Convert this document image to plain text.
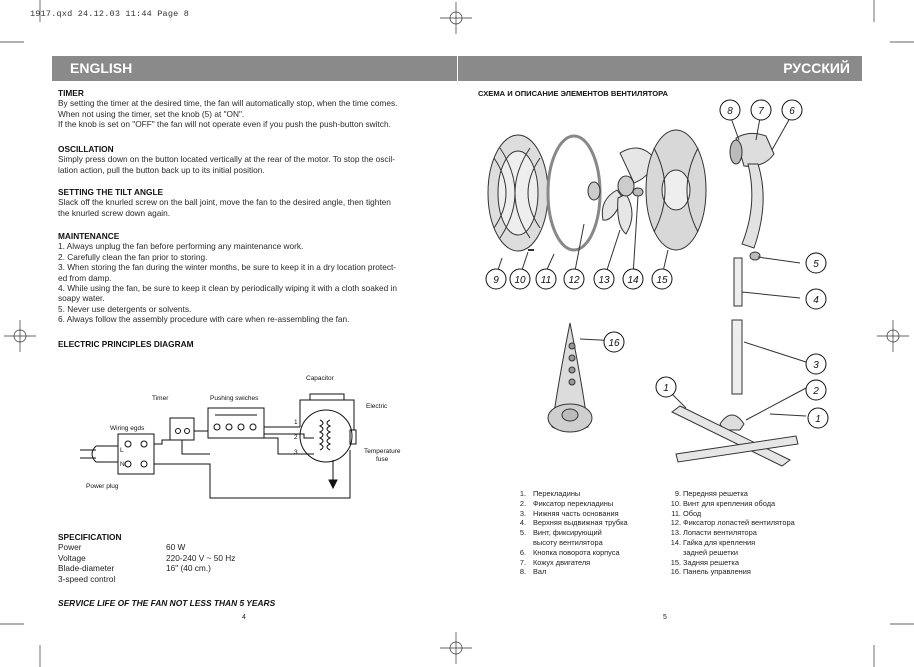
1917.qxd 24.12.03 11:44 Page 8
ENGLISH	РУССКИЙ
TIMER

By setting the timer at the desired time, the fan will automatically stop, when the time comes.

When not using the timer, set the knob (5) at "ON".

If the knob is set on "OFF" the fan will not operate even if you push the push-button switch.

OSCILLATION

Simply press down on the button located vertically at the rear of the motor. To stop the oscil-

lation action, pull the button back up to its initial position.

SETTING THE TILT ANGLE

Slack off the knurled screw on the ball joint, move the fan to the desired angle, then tighten

the knurled screw down again.

MAINTENANCE

1. Always unplug the fan before performing any maintenance work.

2. Carefully clean the fan prior to storing.

3. When storing the fan during the winter months, be sure to keep it in a dry location protect-

ed from damp.

4. While using the fan, be sure to keep it clean by periodically wiping it with a cloth soaked in

soapy water.

5. Never use detergents or solvents.

6. Always follow the assembly procedure with care when re-assembling the fan.

ELECTRIC PRINCIPLES DIAGRAM
Capacitor
Timer	Pushing swiches
Electric
Wiring egds
Power plug
Temperature
fuse
1
2
3
L
N
SPECIFICATION
Power	60 W
Voltage	220-240 V ~ 50 Hz
Blade-diameter	16" (40 cm.)
3-speed control
SERVICE LIFE OF THE FAN NOT LESS THAN 5 YEARS
4	5
СХЕМА И ОПИСАНИЕ ЭЛЕМЕНТОВ ВЕНТИЛЯТОРА
9 10 11 12 13 14 15
8	7	6
5
4
3
2
1
1
16
1. Перекладины
2. Фиксатор перекладины
3. Нижняя часть основания
4. Верхняя выдвижная трубка
5. Винт, фиксирующий
высоту вентилятора
6. Кнопка поворота корпуса
7. Кожух двигателя
8. Вал
9. Передняя решетка
10. Винт для крепления обода
11. Обод
12. Фиксатор лопастей вентилятора
13. Лопасти вентилятора
14. Гайка для крепления
задней решетки
15. Задняя решетка
16. Панель управления
